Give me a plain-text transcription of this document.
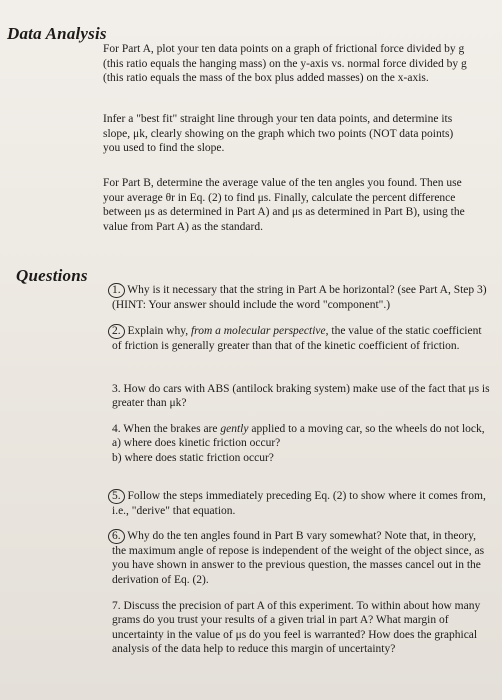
Data Analysis

For Part A, plot your ten data points on a graph of frictional force divided by g (this ratio equals the hanging mass) on the y-axis vs. normal force divided by g (this ratio equals the mass of the box plus added masses) on the x-axis.

Infer a "best fit" straight line through your ten data points, and determine its slope, μk, clearly showing on the graph which two points (NOT data points) you used to find the slope.

For Part B, determine the average value of the ten angles you found. Then use your average θr in Eq. (2) to find μs. Finally, calculate the percent difference between μs as determined in Part A) and μs as determined in Part B), using the value from Part A) as the standard.

Questions
1. Why is it necessary that the string in Part A be horizontal? (see Part A, Step 3) (HINT: Your answer should include the word "component".)
2. Explain why, from a molecular perspective, the value of the static coefficient of friction is generally greater than that of the kinetic coefficient of friction.
3. How do cars with ABS (antilock braking system) make use of the fact that μs is greater than μk?
4. When the brakes are gently applied to a moving car, so the wheels do not lock,
a) where does kinetic friction occur?
b) where does static friction occur?
5. Follow the steps immediately preceding Eq. (2) to show where it comes from, i.e., "derive" that equation.
6. Why do the ten angles found in Part B vary somewhat? Note that, in theory, the maximum angle of repose is independent of the weight of the object since, as you have shown in answer to the previous question, the masses cancel out in the derivation of Eq. (2).
7. Discuss the precision of part A of this experiment. To within about how many grams do you trust your results of a given trial in part A? What margin of uncertainty in the value of μs do you feel is warranted? How does the graphical analysis of the data help to reduce this margin of uncertainty?
